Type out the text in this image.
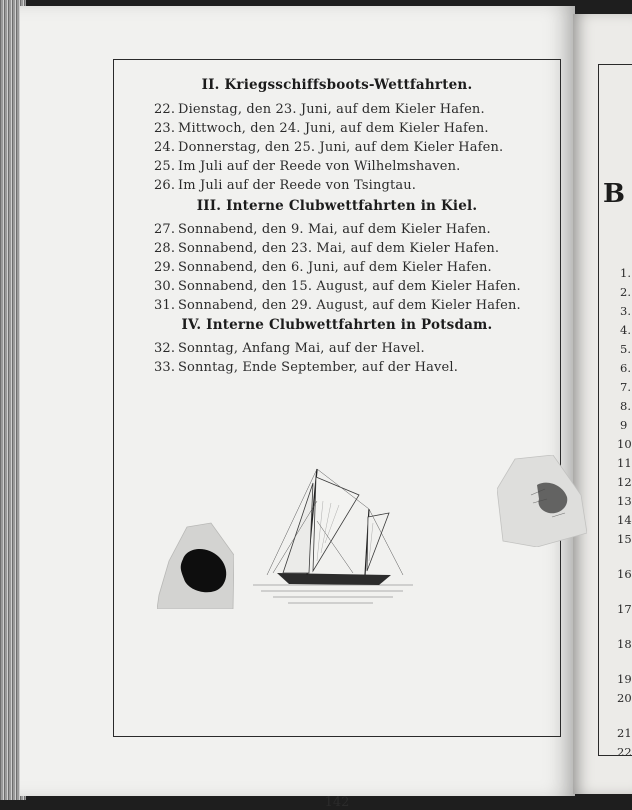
II. Kriegsschiffsboots-Wettfahrten.
22. Dienstag, den 23. Juni, auf dem Kieler Hafen.
23. Mittwoch, den 24. Juni, auf dem Kieler Hafen.
24. Donnerstag, den 25. Juni, auf dem Kieler Hafen.
25. Im Juli auf der Reede von Wilhelmshaven.
26. Im Juli auf der Reede von Tsingtau.
III. Interne Clubwettfahrten in Kiel.
27. Sonnabend, den 9. Mai, auf dem Kieler Hafen.
28. Sonnabend, den 23. Mai, auf dem Kieler Hafen.
29. Sonnabend, den 6. Juni, auf dem Kieler Hafen.
30. Sonnabend, den 15. August, auf dem Kieler Hafen.
31. Sonnabend, den 29. August, auf dem Kieler Hafen.
IV. Interne Clubwettfahrten in Potsdam.
32. Sonntag, Anfang Mai, auf der Havel.
33. Sonntag, Ende September, auf der Havel.
142
B
1.
2.
3.
4.
5.
6.
7.
8.
9
10
11
12
13
14
15
16
17
18
19
20
21
22
